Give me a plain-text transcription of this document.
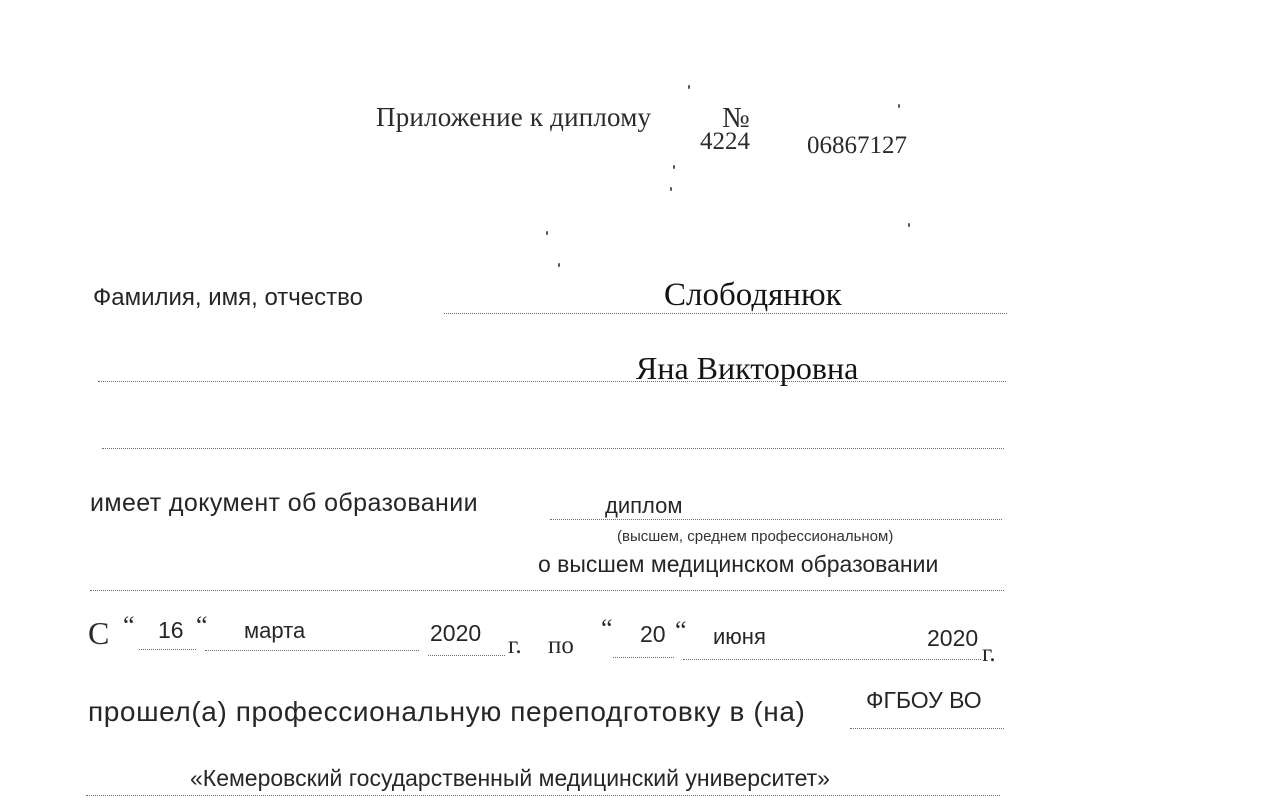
Приложение к диплому №
4224 06867127
Фамилия, имя, отчество	Слободянюк
Яна Викторовна
имеет документ об образовании	диплом
(высшем, среднем профессиональном)
о высшем медицинском образовании
С “ 16 “ марта	2020 г. по
“ 20 “ июня	2020
г.
прошел(а) профессиональную переподготовку в (на)	ФГБОУ ВО
«Кемеровский государственный медицинский университет»
